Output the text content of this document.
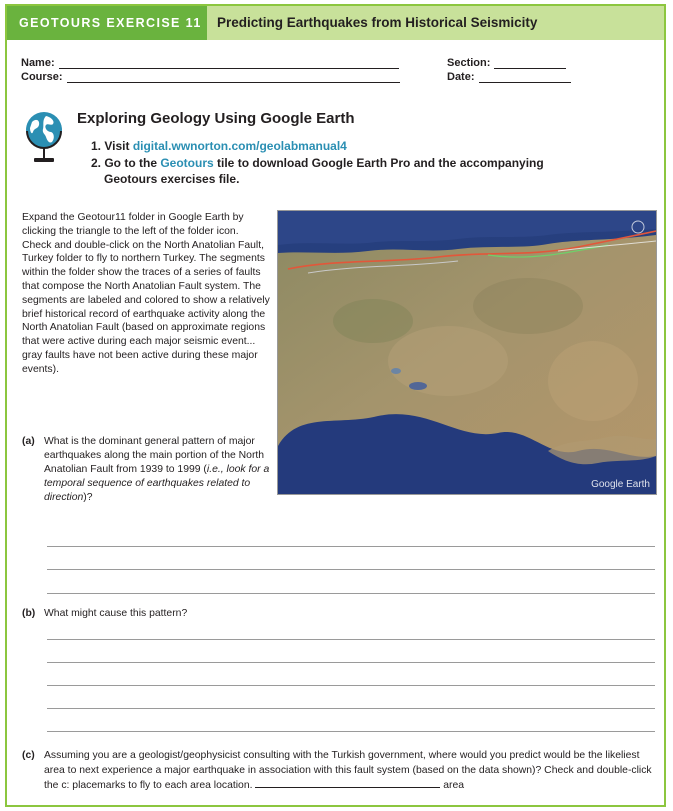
GEOTOURS EXERCISE 11	Predicting Earthquakes from Historical Seismicity
Name:
Course:
Section:
Date:
Exploring Geology Using Google Earth
1. Visit digital.wwnorton.com/geolabmanual4
2. Go to the Geotours tile to download Google Earth Pro and the accompanying
Geotours exercises file.
Expand the Geotour11 folder in Google Earth by clicking the triangle to the left of the folder icon. Check and double-click on the North Anatolian Fault, Turkey folder to fly to northern Turkey. The segments within the folder show the traces of a series of faults that compose the North Anatolian Fault system. The segments are labeled and colored to show a relatively brief historical record of earthquake activity along the North Anatolian Fault (based on approximate regions that were active during each major seismic event... gray faults have not been active during these major events).
Google Earth
(a) What is the dominant general pattern of major earthquakes along the main portion of the North Anatolian Fault from 1939 to 1999 (i.e., look for a temporal sequence of earthquakes related to direction)?
(b) What might cause this pattern?
(c) Assuming you are a geologist/geophysicist consulting with the Turkish government, where would you predict would be the likeliest area to next experience a major earthquake in association with this fault system (based on the data shown)? Check and double-click the c: placemarks to fly to each area location.	area
